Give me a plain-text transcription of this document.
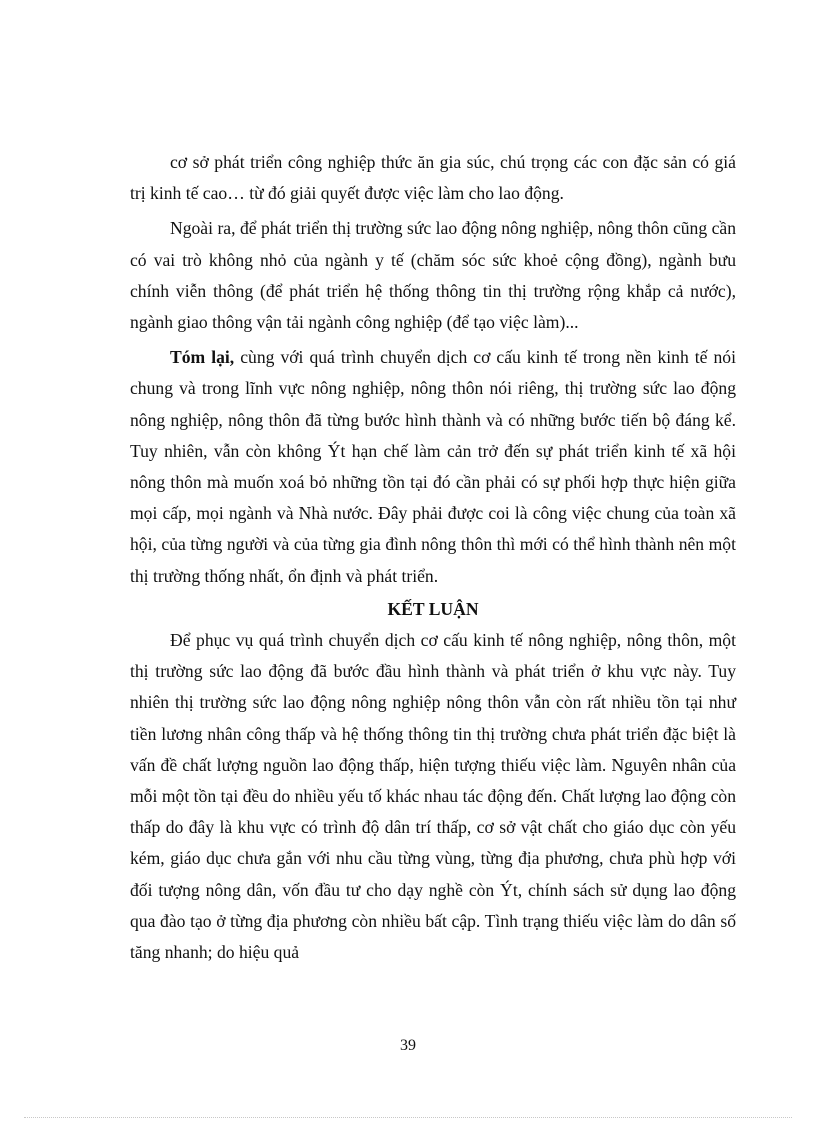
cơ sở phát triển công nghiệp thức ăn gia súc, chú trọng các con đặc sản có giá trị kinh tế cao… từ đó giải quyết được việc làm cho lao động.

Ngoài ra, để phát triển thị trường sức lao động nông nghiệp, nông thôn cũng cần có vai trò không nhỏ của ngành y tế (chăm sóc sức khoẻ cộng đồng), ngành bưu chính viễn thông (để phát triển hệ thống thông tin thị trường rộng khắp cả nước), ngành giao thông vận tải ngành công nghiệp (để tạo việc làm)...

Tóm lại, cùng với quá trình chuyển dịch cơ cấu kinh tế trong nền kinh tế nói chung và trong lĩnh vực nông nghiệp, nông thôn nói riêng, thị trường sức lao động nông nghiệp, nông thôn đã từng bước hình thành và có những bước tiến bộ đáng kể. Tuy nhiên, vẫn còn không Ýt hạn chế làm cản trở đến sự phát triển kinh tế xã hội nông thôn mà muốn xoá bỏ những tồn tại đó cần phải có sự phối hợp thực hiện giữa mọi cấp, mọi ngành và Nhà nước. Đây phải được coi là công việc chung của toàn xã hội, của từng người và của từng gia đình nông thôn thì mới có thể hình thành nên một thị trường thống nhất, ổn định và phát triển.

KẾT LUẬN

Để phục vụ quá trình chuyển dịch cơ cấu kinh tế nông nghiệp, nông thôn, một thị trường sức lao động đã bước đầu hình thành và phát triển ở khu vực này. Tuy nhiên thị trường sức lao động nông nghiệp nông thôn vẫn còn rất nhiều tồn tại như tiền lương nhân công thấp và hệ thống thông tin thị trường chưa phát triển đặc biệt là vấn đề chất lượng nguồn lao động thấp, hiện tượng thiếu việc làm. Nguyên nhân của mỗi một tồn tại đều do nhiều yếu tố khác nhau tác động đến. Chất lượng lao động còn thấp do đây là khu vực có trình độ dân trí thấp, cơ sở vật chất cho giáo dục còn yếu kém, giáo dục chưa gắn với nhu cầu từng vùng, từng địa phương, chưa phù hợp với đối tượng nông dân, vốn đầu tư cho dạy nghề còn Ýt, chính sách sử dụng lao động qua đào tạo ở từng địa phương còn nhiều bất cập. Tình trạng thiếu việc làm do dân số tăng nhanh; do hiệu quả

39
